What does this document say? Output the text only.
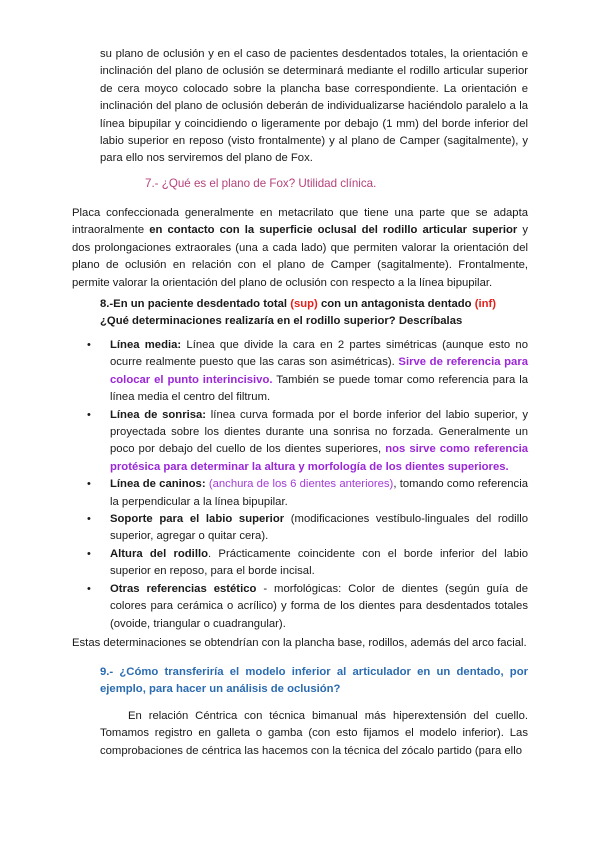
su plano de oclusión y en el caso de pacientes desdentados totales, la orientación e inclinación del plano de oclusión se determinará mediante el rodillo articular superior de cera moyco colocado sobre la plancha base correspondiente. La orientación e inclinación del plano de oclusión deberán de individualizarse haciéndolo paralelo a la línea bipupilar y coincidiendo o ligeramente por debajo (1 mm) del borde inferior del labio superior en reposo (visto frontalmente) y al plano de Camper (sagitalmente), y para ello nos serviremos del plano de Fox.

7.- ¿Qué es el plano de Fox? Utilidad clínica.

Placa confeccionada generalmente en metacrilato que tiene una parte que se adapta intraoralmente en contacto con la superficie oclusal del rodillo articular superior y dos prolongaciones extraorales (una a cada lado) que permiten valorar la orientación del plano de oclusión en relación con el plano de Camper (sagitalmente). Frontalmente, permite valorar la orientación del plano de oclusión con respecto a la línea bipupilar.

8.-En un paciente desdentado total (sup) con un antagonista dentado (inf) ¿Qué determinaciones realizaría en el rodillo superior? Descríbalas

• Línea media: Línea que divide la cara en 2 partes simétricas (aunque esto no ocurre realmente puesto que las caras son asimétricas). Sirve de referencia para colocar el punto interincisivo. También se puede tomar como referencia para la línea media el centro del filtrum.
• Línea de sonrisa: línea curva formada por el borde inferior del labio superior, y proyectada sobre los dientes durante una sonrisa no forzada. Generalmente un poco por debajo del cuello de los dientes superiores, nos sirve como referencia protésica para determinar la altura y morfología de los dientes superiores.
• Línea de caninos: (anchura de los 6 dientes anteriores), tomando como referencia la perpendicular a la línea bipupilar.
• Soporte para el labio superior (modificaciones vestíbulo-linguales del rodillo superior, agregar o quitar cera).
• Altura del rodillo. Prácticamente coincidente con el borde inferior del labio superior en reposo, para el borde incisal.
• Otras referencias estético - morfológicas: Color de dientes (según guía de colores para cerámica o acrílico) y forma de los dientes para desdentados totales (ovoide, triangular o cuadrangular).

Estas determinaciones se obtendrían con la plancha base, rodillos, además del arco facial.

9.- ¿Cómo transferiría el modelo inferior al articulador en un dentado, por ejemplo, para hacer un análisis de oclusión?

En relación Céntrica con técnica bimanual más hiperextensión del cuello. Tomamos registro en galleta o gamba (con esto fijamos el modelo inferior). Las comprobaciones de céntrica las hacemos con la técnica del zócalo partido (para ello
